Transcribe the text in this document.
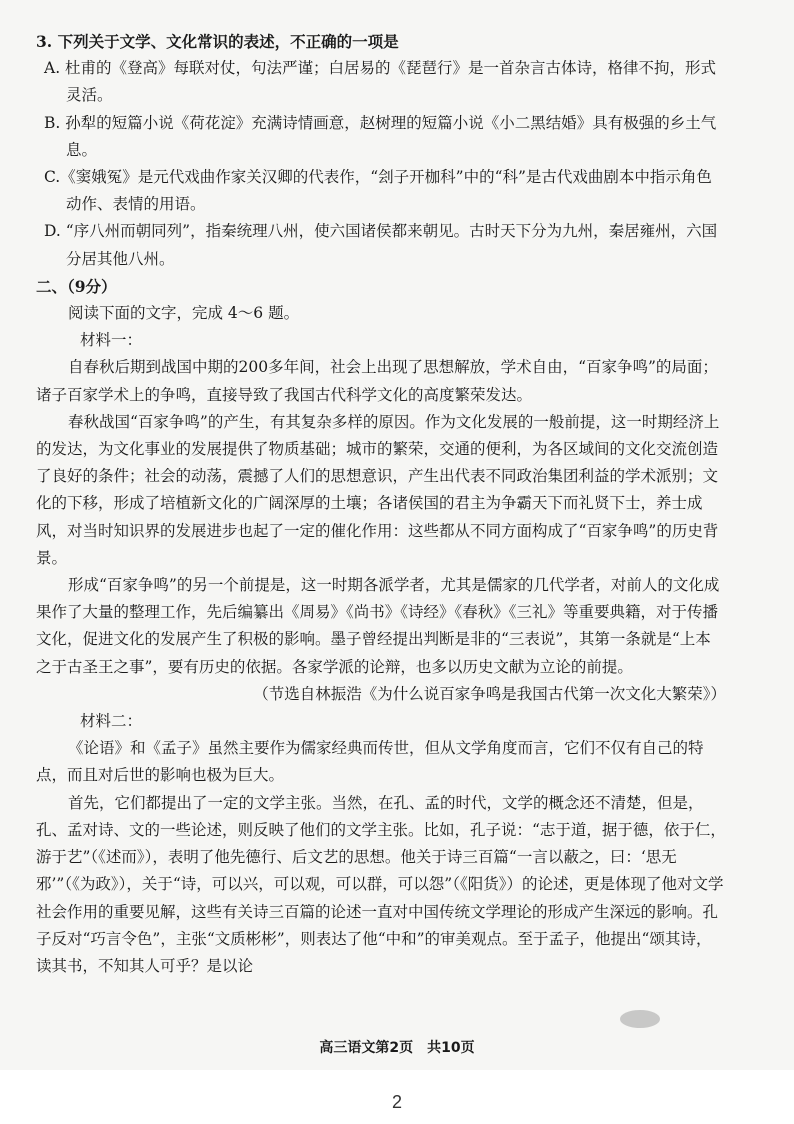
3. 下列关于文学、文化常识的表述，不正确的一项是

A. 杜甫的《登高》每联对仗，句法严谨；白居易的《琵琶行》是一首杂言古体诗，格律不拘，形式灵活。

B. 孙犁的短篇小说《荷花淀》充满诗情画意，赵树理的短篇小说《小二黑结婚》具有极强的乡土气息。

C.《窦娥冤》是元代戏曲作家关汉卿的代表作，“刽子开枷科”中的“科”是古代戏曲剧本中指示角色动作、表情的用语。

D. “序八州而朝同列”，指秦统理八州，使六国诸侯都来朝见。古时天下分为九州，秦居雍州，六国分居其他八州。

二、（9分）

阅读下面的文字，完成 4～6 题。

材料一：

自春秋后期到战国中期的200多年间，社会上出现了思想解放，学术自由，“百家争鸣”的局面；诸子百家学术上的争鸣，直接导致了我国古代科学文化的高度繁荣发达。

春秋战国“百家争鸣”的产生，有其复杂多样的原因。作为文化发展的一般前提，这一时期经济上的发达，为文化事业的发展提供了物质基础；城市的繁荣，交通的便利，为各区域间的文化交流创造了良好的条件；社会的动荡，震撼了人们的思想意识，产生出代表不同政治集团利益的学术派别；文化的下移，形成了培植新文化的广阔深厚的土壤；各诸侯国的君主为争霸天下而礼贤下士，养士成风，对当时知识界的发展进步也起了一定的催化作用：这些都从不同方面构成了“百家争鸣”的历史背景。

形成“百家争鸣”的另一个前提是，这一时期各派学者，尤其是儒家的几代学者，对前人的文化成果作了大量的整理工作，先后编纂出《周易》《尚书》《诗经》《春秋》《三礼》等重要典籍，对于传播文化，促进文化的发展产生了积极的影响。墨子曾经提出判断是非的“三表说”，其第一条就是“上本之于古圣王之事”，要有历史的依据。各家学派的论辩，也多以历史文献为立论的前提。

（节选自林振浩《为什么说百家争鸣是我国古代第一次文化大繁荣》）

材料二：

《论语》和《孟子》虽然主要作为儒家经典而传世，但从文学角度而言，它们不仅有自己的特点，而且对后世的影响也极为巨大。

首先，它们都提出了一定的文学主张。当然，在孔、孟的时代，文学的概念还不清楚，但是，孔、孟对诗、文的一些论述，则反映了他们的文学主张。比如，孔子说：“志于道，据于德，依于仁，游于艺”（《述而》），表明了他先德行、后文艺的思想。他关于诗三百篇“一言以蔽之，曰：‘思无邪’”（《为政》），关于“诗，可以兴，可以观，可以群，可以怨”（《阳货》）的论述，更是体现了他对文学社会作用的重要见解，这些有关诗三百篇的论述一直对中国传统文学理论的形成产生深远的影响。孔子反对“巧言令色”，主张“文质彬彬”，则表达了他“中和”的审美观点。至于孟子，他提出“颂其诗，读其书，不知其人可乎？是以论

高三语文第2页　共10页
2
